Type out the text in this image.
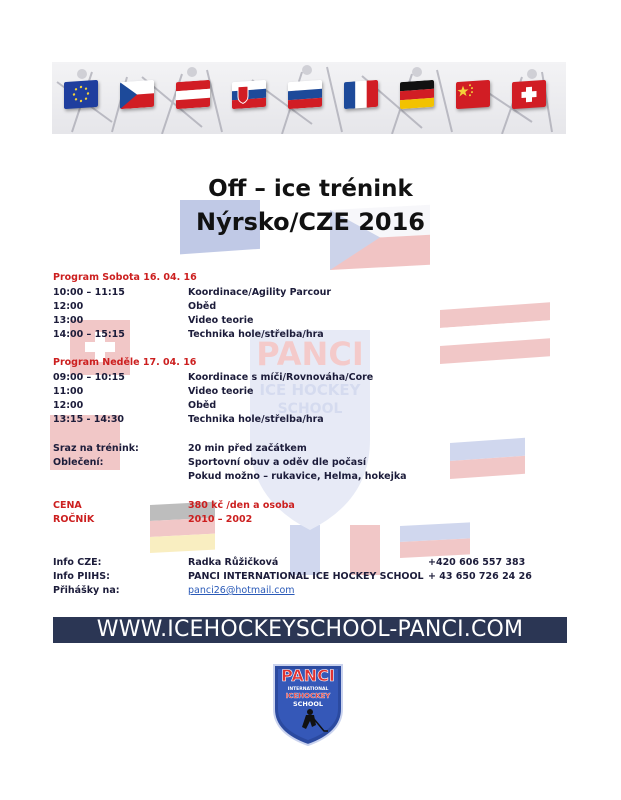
PANCI
ICE HOCKEY
SCHOOL
Off – ice trénink
Nýrsko/CZE 2016
Program Sobota 16. 04. 16
10:00 – 11:15	Koordinace/Agility Parcour
12:00	Oběd
13:00	Video teorie
14:00 – 15:15	Technika hole/střelba/hra
Program Neděle 17. 04. 16
09:00 – 10:15	Koordinace s míči/Rovnováha/Core
11:00	Video teorie
12:00	Oběd
13:15 - 14:30	Technika hole/střelba/hra
Sraz na trénink:	20 min před začátkem
Oblečení:	Sportovní obuv a oděv dle počasí
Pokud možno – rukavice, Helma, hokejka
CENA	380 kč /den a osoba
ROČNÍK	2010 – 2002
Info CZE:	Radka Růžičková	+420 606 557 383
Info PIIHS:	PANCI INTERNATIONAL ICE HOCKEY SCHOOL + 43 650 726 24 26
Přihášky na:	panci26@hotmail.com
WWW.ICEHOCKEYSCHOOL-PANCI.COM
PANCI
INTERNATIONAL
ICEHOCKEY
SCHOOL
